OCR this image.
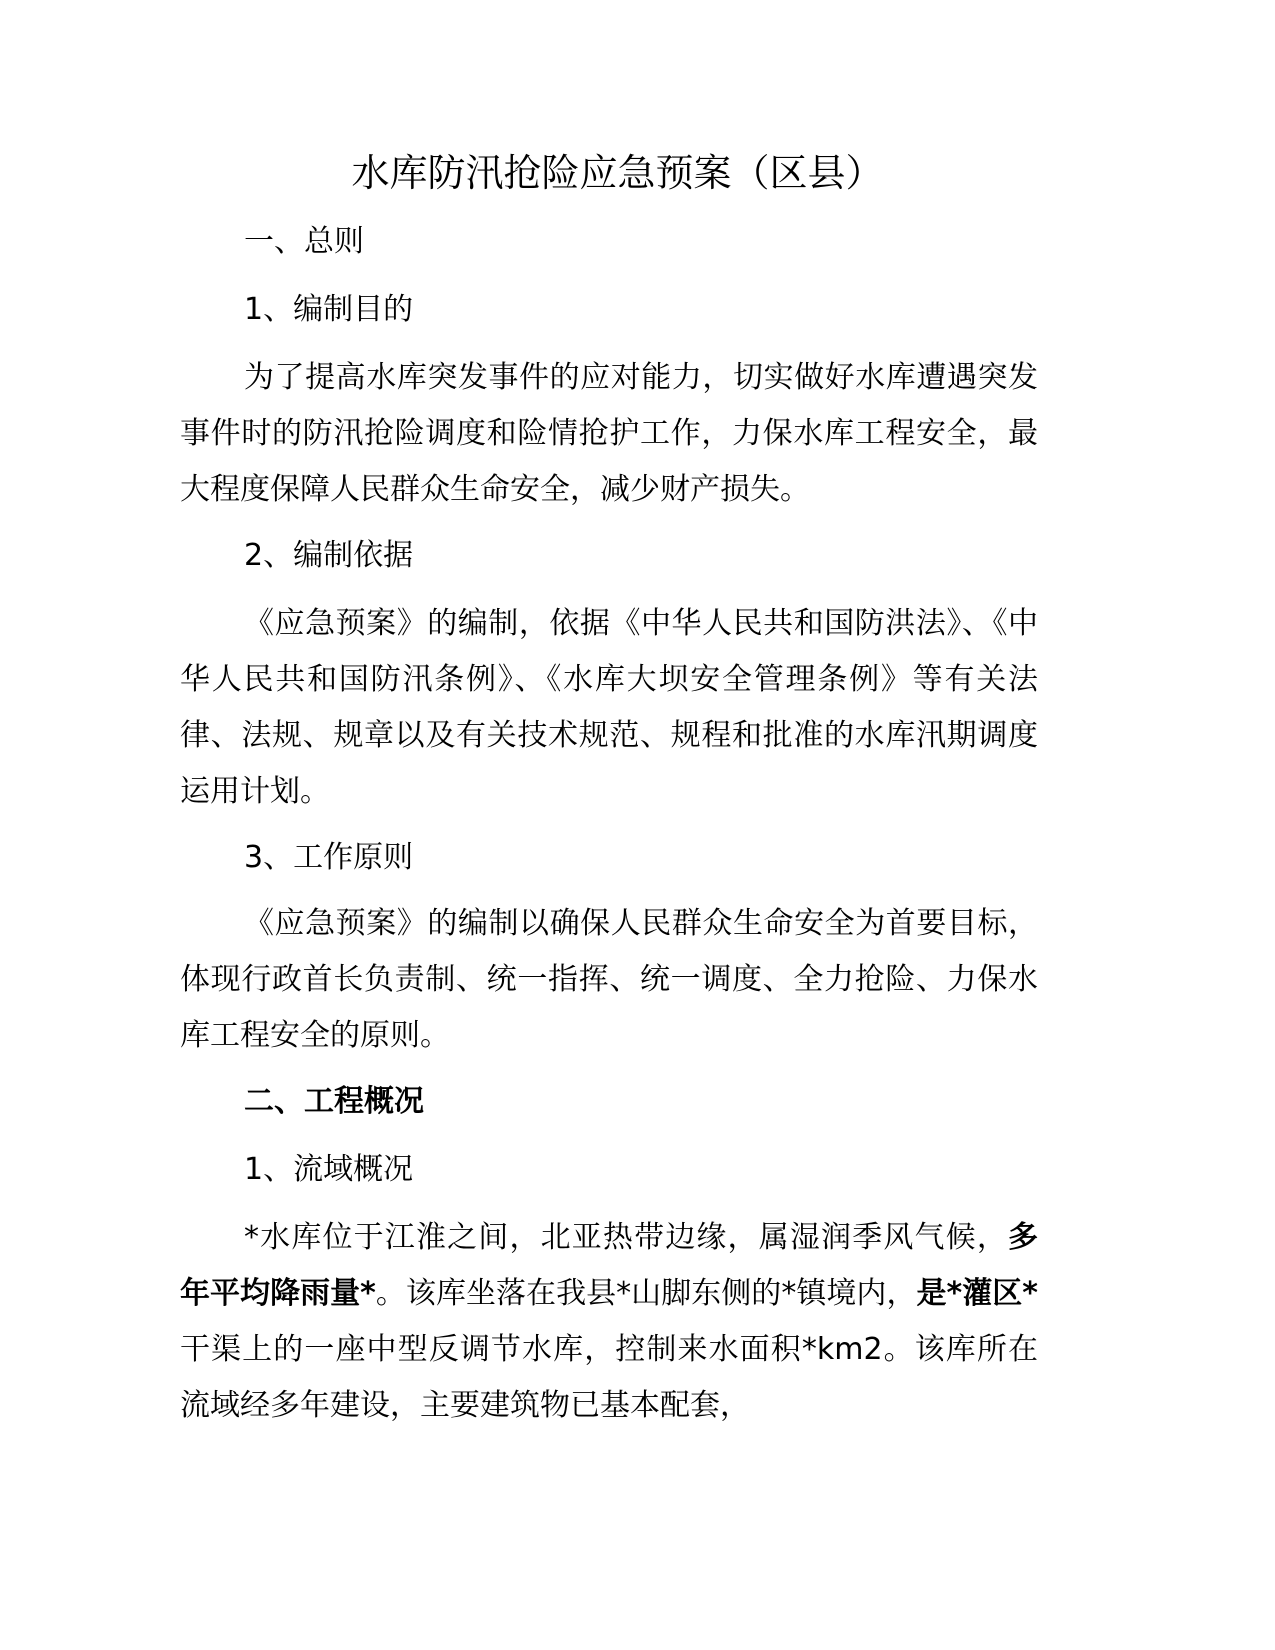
水库防汛抢险应急预案（区县）

一、总则

1、编制目的

为了提高水库突发事件的应对能力，切实做好水库遭遇突发事件时的防汛抢险调度和险情抢护工作，力保水库工程安全，最大程度保障人民群众生命安全，减少财产损失。

2、编制依据

《应急预案》的编制，依据《中华人民共和国防洪法》、《中华人民共和国防汛条例》、《水库大坝安全管理条例》等有关法律、法规、规章以及有关技术规范、规程和批准的水库汛期调度运用计划。

3、工作原则

《应急预案》的编制以确保人民群众生命安全为首要目标，体现行政首长负责制、统一指挥、统一调度、全力抢险、力保水库工程安全的原则。

二、工程概况

1、流域概况

*水库位于江淮之间，北亚热带边缘，属湿润季风气候，多年平均降雨量*。该库坐落在我县*山脚东侧的*镇境内，是*灌区*干渠上的一座中型反调节水库，控制来水面积*km2。该库所在流域经多年建设，主要建筑物已基本配套，
